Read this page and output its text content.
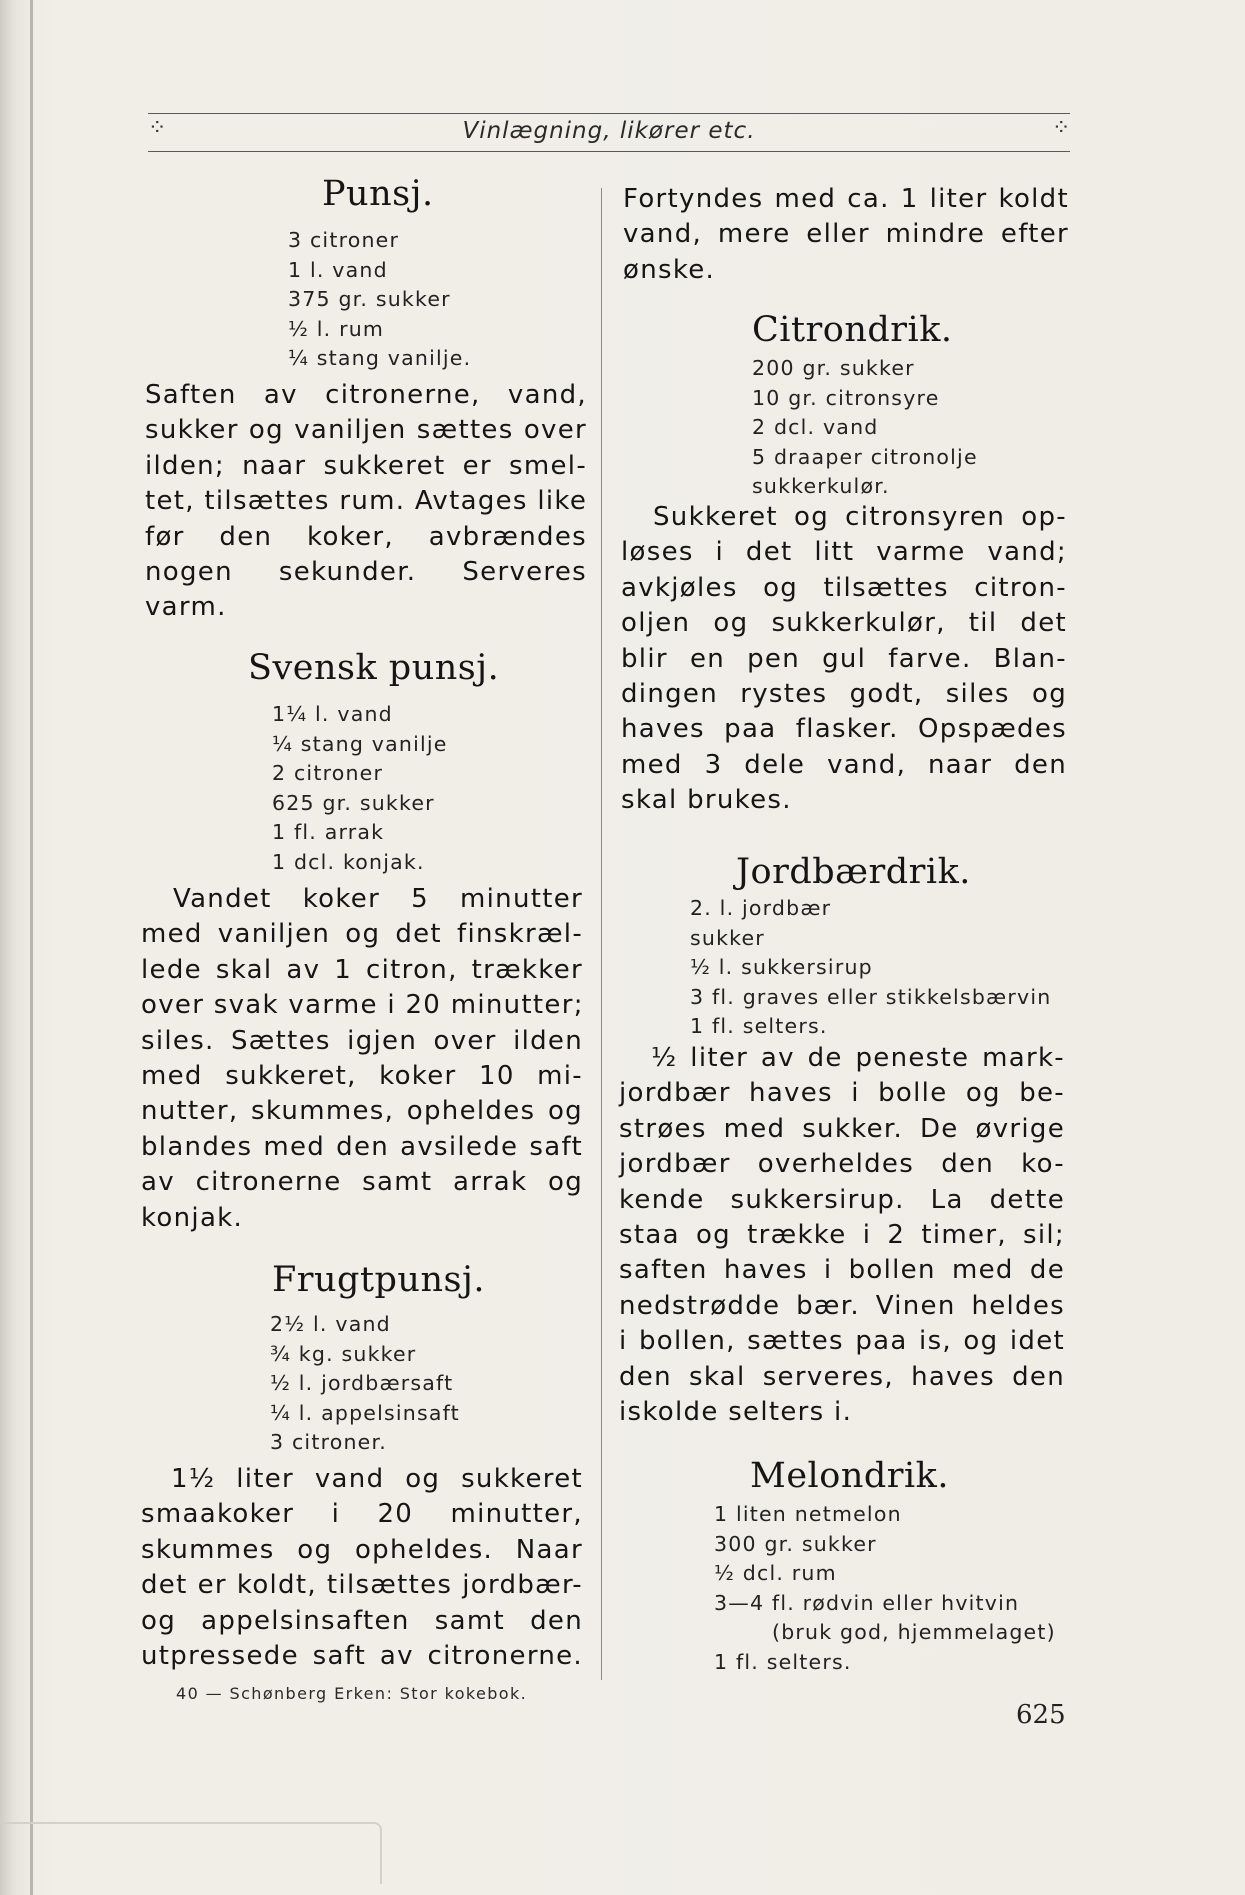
⁘	Vinlægning, likører etc.	⁘
Punsj.
3 citroner
1 l. vand
375 gr. sukker
½ l. rum
¼ stang vanilje.
Saften av citronerne, vand,
sukker og vaniljen sættes over
ilden; naar sukkeret er smel-
tet, tilsættes rum. Avtages like
før den koker, avbrændes
nogen sekunder. Serveres
varm.
Svensk punsj.
1¼ l. vand
¼ stang vanilje
2 citroner
625 gr. sukker
1 fl. arrak
1 dcl. konjak.
Vandet koker 5 minutter
med vaniljen og det finskræl-
lede skal av 1 citron, trækker
over svak varme i 20 minutter;
siles. Sættes igjen over ilden
med sukkeret, koker 10 mi-
nutter, skummes, opheldes og
blandes med den avsilede saft
av citronerne samt arrak og
konjak.
Frugtpunsj.
2½ l. vand
¾ kg. sukker
½ l. jordbærsaft
¼ l. appelsinsaft
3 citroner.
1½ liter vand og sukkeret
smaakoker i 20 minutter,
skummes og opheldes. Naar
det er koldt, tilsættes jordbær-
og appelsinsaften samt den
utpressede saft av citronerne.
40 — Schønberg Erken: Stor kokebok.
Fortyndes med ca. 1 liter koldt
vand, mere eller mindre efter
ønske.
Citrondrik.
200 gr. sukker
10 gr. citronsyre
2 dcl. vand
5 draaper citronolje
sukkerkulør.
Sukkeret og citronsyren op-
løses i det litt varme vand;
avkjøles og tilsættes citron-
oljen og sukkerkulør, til det
blir en pen gul farve. Blan-
dingen rystes godt, siles og
haves paa flasker. Opspædes
med 3 dele vand, naar den
skal brukes.
Jordbærdrik.
2. l. jordbær
sukker
½ l. sukkersirup
3 fl. graves eller stikkelsbærvin
1 fl. selters.
½ liter av de peneste mark-
jordbær haves i bolle og be-
strøes med sukker. De øvrige
jordbær overheldes den ko-
kende sukkersirup. La dette
staa og trække i 2 timer, sil;
saften haves i bollen med de
nedstrødde bær. Vinen heldes
i bollen, sættes paa is, og idet
den skal serveres, haves den
iskolde selters i.
Melondrik.
1 liten netmelon
300 gr. sukker
½ dcl. rum
3—4 fl. rødvin eller hvitvin
(bruk god, hjemmelaget)
1 fl. selters.
625
